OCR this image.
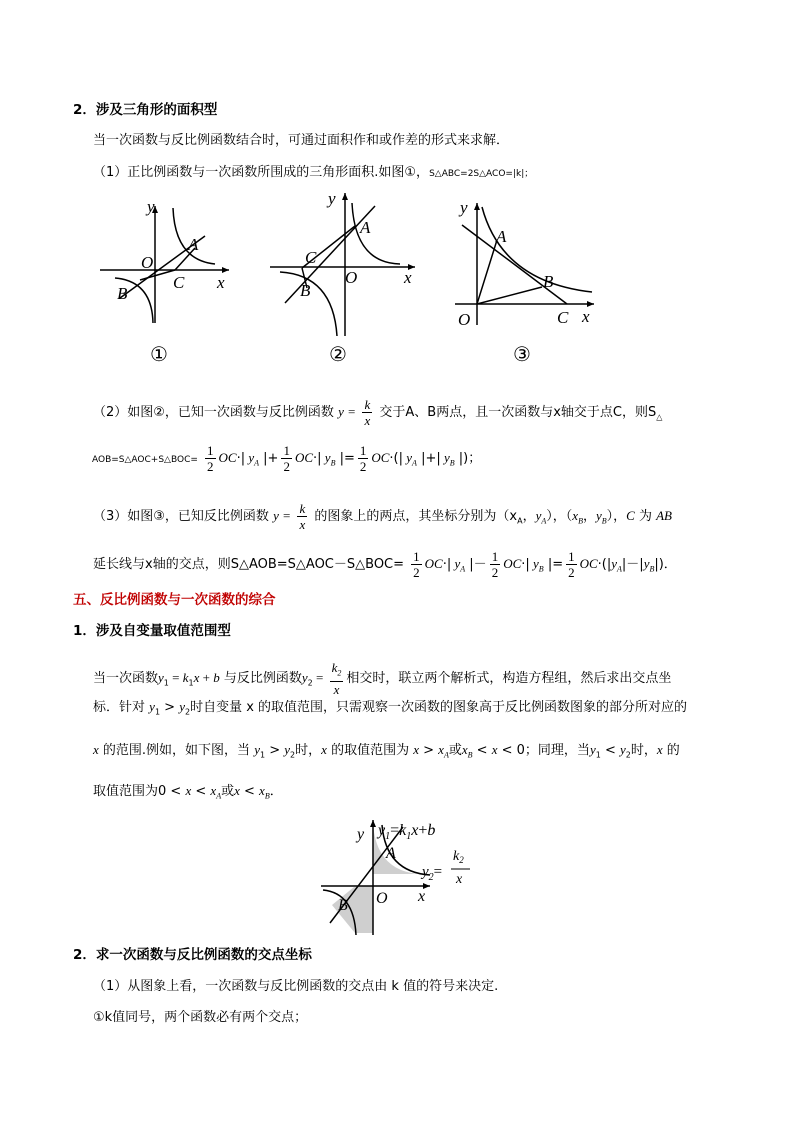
2．涉及三角形的面积型
当一次函数与反比例函数结合时，可通过面积作和或作差的形式来求解．
（1）正比例函数与一次函数所围成的三角形面积.如图①，S△ABC=2S△ACO=|k|；
y
x
O
A
B
C
y
x
O
A
B
C
y
x
O
A
B
C
①	②	③
（2）如图②，已知一次函数与反比例函数 $y = \frac{k}{x}$ 交于A、B两点，且一次函数与x轴交于点C，则$S_\triangle$
AOB=S△AOC+S△BOC= $\frac{1}{2} OC\cdot|$ $y_A$ |+ $\frac{1}{2} OC\cdot|$ $y_B$ |= $\frac{1}{2} OC\cdot(|$ $y_A$ |+| $y_B$ |)；
（3）如图③，已知反比例函数 $y = \frac{k}{x}$ 的图象上的两点，其坐标分别为（$x_A$，$y_A$），（$x_B$，$y_B$），C 为 AB
延长线与x轴的交点，则S△AOB=S△AOC－S△BOC= $\frac{1}{2} OC\cdot|$ $y_A$ |－ $\frac{1}{2} OC\cdot|$ $y_B$ |= $\frac{1}{2} OC\cdot(|y_A|-|y_B|)$．
五、反比例函数与一次函数的综合
1．涉及自变量取值范围型
当一次函数$y_1 = k_1x + b$ 与反比例函数$y_2 = \frac{k_2}{x}$ 相交时，联立两个解析式，构造方程组，然后求出交点坐
标．针对 $y_1 > y_2$时自变量 x 的取值范围，只需观察一次函数的图象高于反比例函数图象的部分所对应的
x 的范围.例如，如下图，当 $y_1 > y_2$时，x 的取值范围为 $x > x_A$或$x_B < x < 0$；同理，当$y_1 < y_2$时，x 的
取值范围为$0 < x < x_A$或$x < x_B$．
y
x
O
A
B
$y_1=k_1x+b$
$y_2=$
$k_2$
x
2．求一次函数与反比例函数的交点坐标
（1）从图象上看，一次函数与反比例函数的交点由 k 值的符号来决定.
①k值同号，两个函数必有两个交点；
